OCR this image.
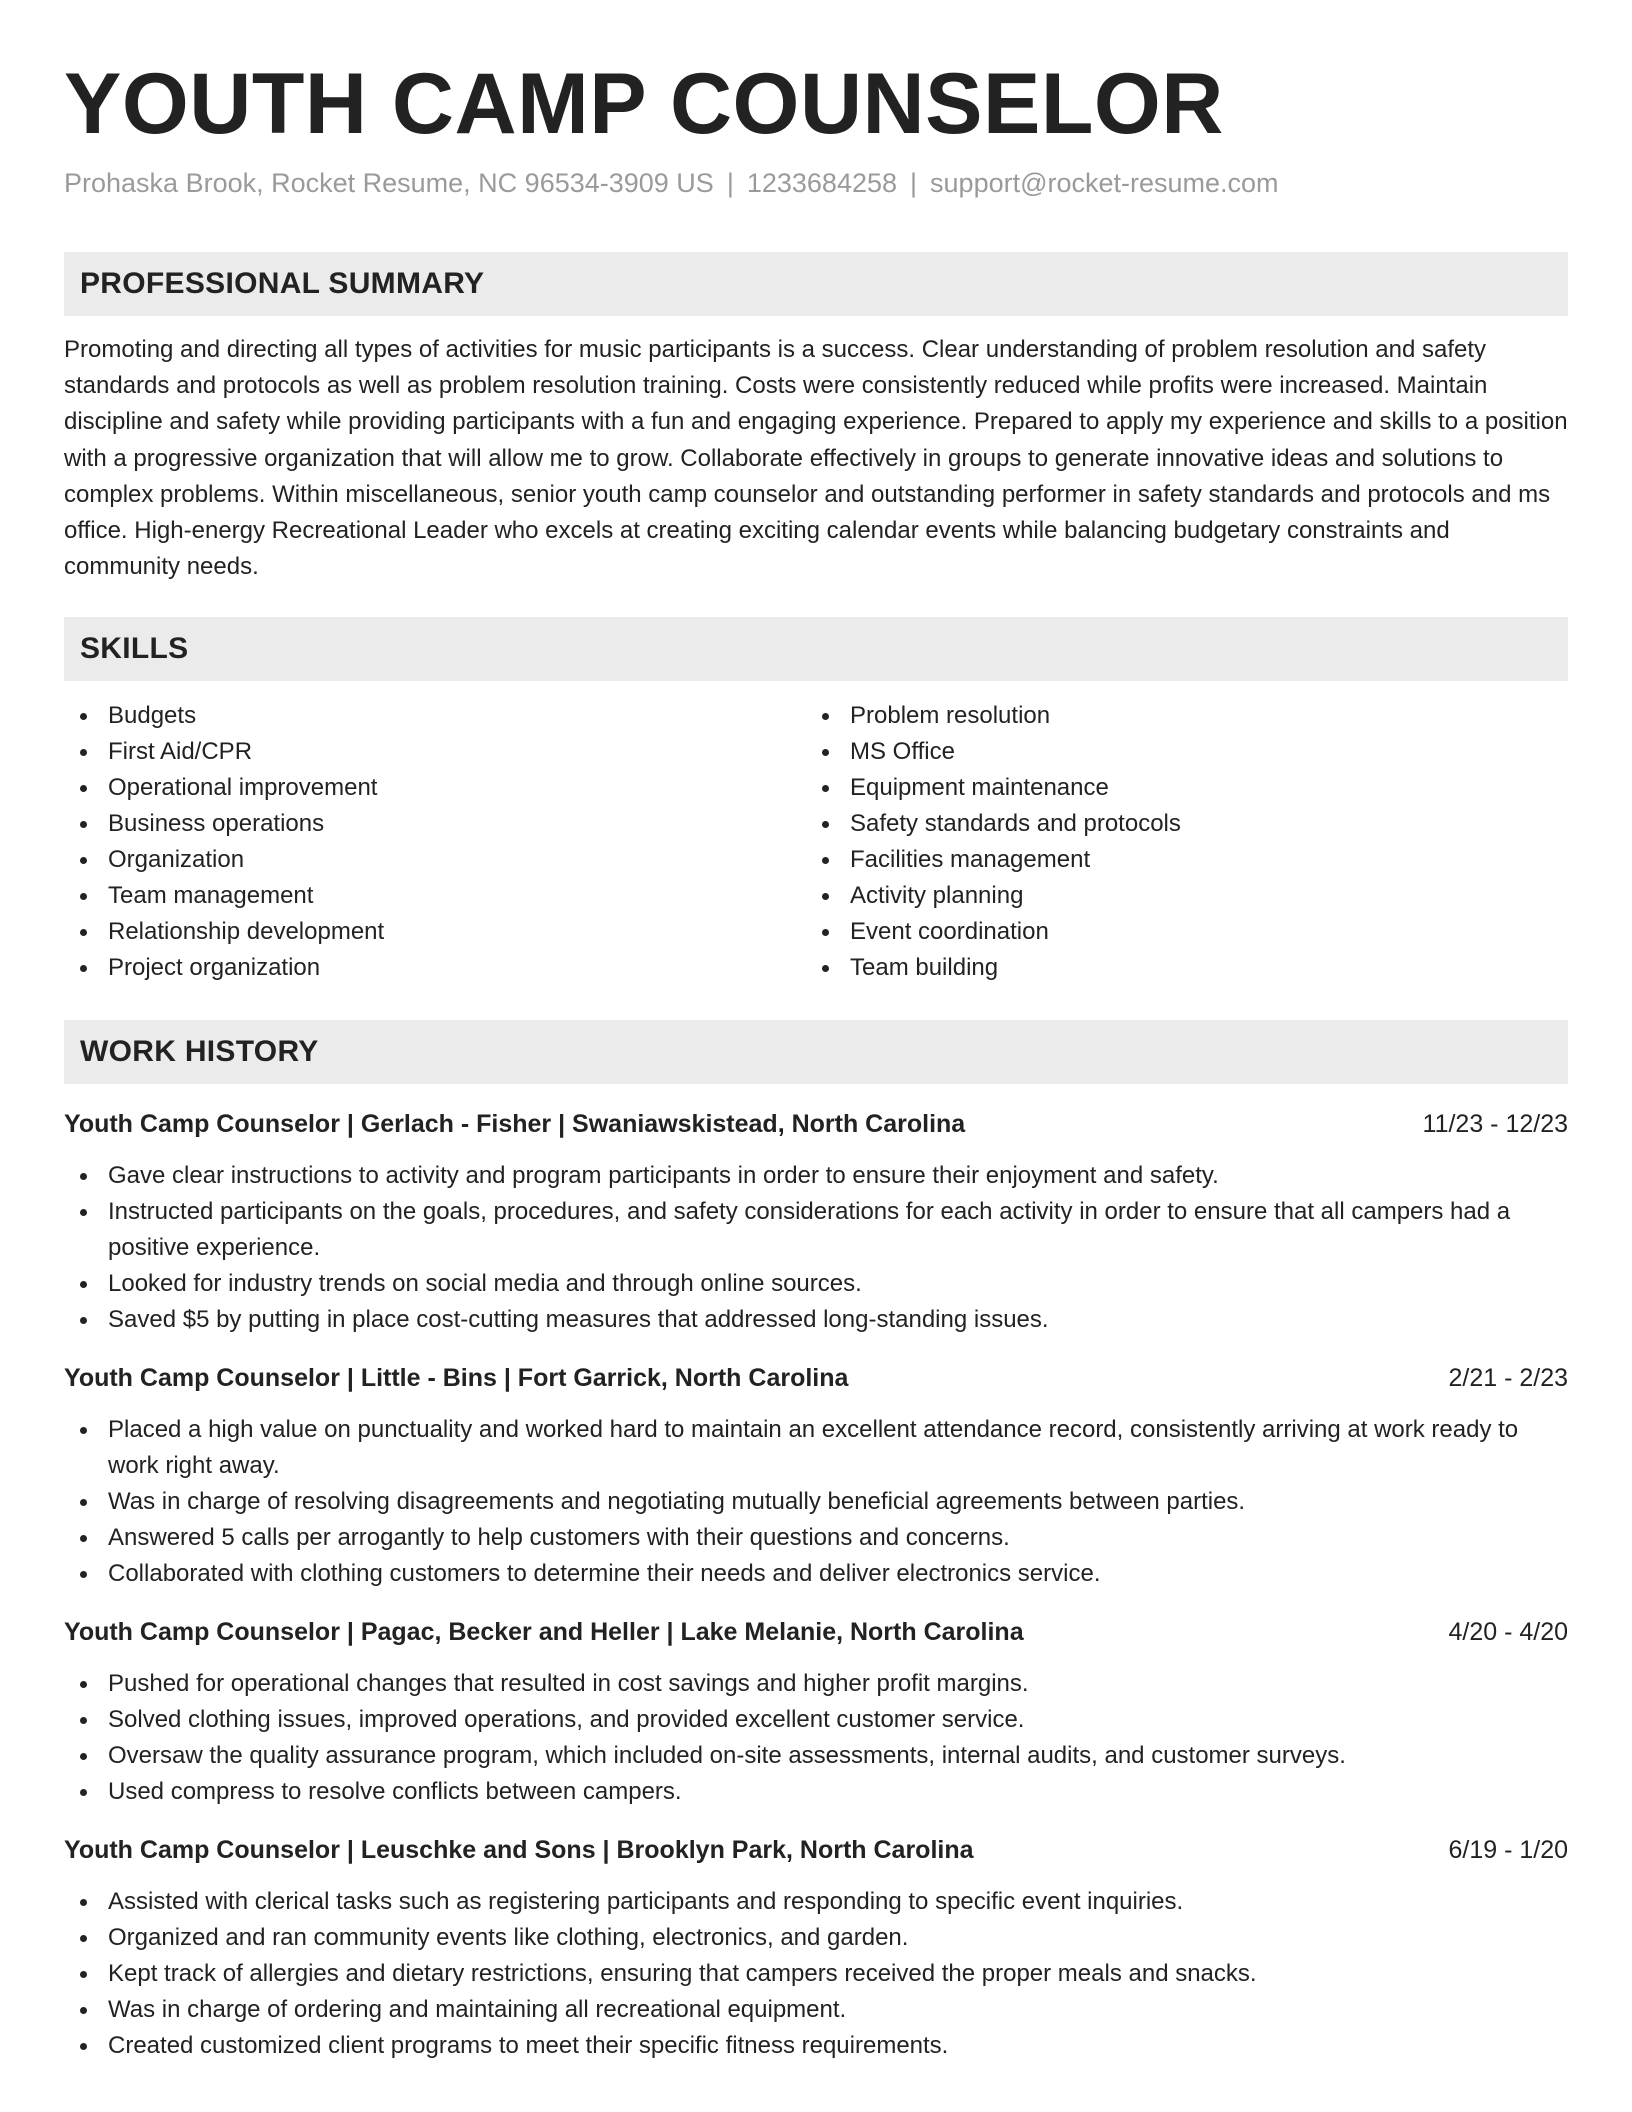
YOUTH CAMP COUNSELOR
Prohaska Brook, Rocket Resume, NC 96534-3909 US | 1233684258 | support@rocket-resume.com
PROFESSIONAL SUMMARY

Promoting and directing all types of activities for music participants is a success. Clear understanding of problem resolution and safety standards and protocols as well as problem resolution training. Costs were consistently reduced while profits were increased. Maintain discipline and safety while providing participants with a fun and engaging experience. Prepared to apply my experience and skills to a position with a progressive organization that will allow me to grow. Collaborate effectively in groups to generate innovative ideas and solutions to complex problems. Within miscellaneous, senior youth camp counselor and outstanding performer in safety standards and protocols and ms office. High-energy Recreational Leader who excels at creating exciting calendar events while balancing budgetary constraints and community needs.

SKILLS
Budgets
First Aid/CPR
Operational improvement
Business operations
Organization
Team management
Relationship development
Project organization
Problem resolution
MS Office
Equipment maintenance
Safety standards and protocols
Facilities management
Activity planning
Event coordination
Team building
WORK HISTORY
Youth Camp Counselor | Gerlach - Fisher | Swaniawskistead, North Carolina	11/23 - 12/23
Gave clear instructions to activity and program participants in order to ensure their enjoyment and safety.
Instructed participants on the goals, procedures, and safety considerations for each activity in order to ensure that all campers had a positive experience.
Looked for industry trends on social media and through online sources.
Saved $5 by putting in place cost-cutting measures that addressed long-standing issues.
Youth Camp Counselor | Little - Bins | Fort Garrick, North Carolina	2/21 - 2/23
Placed a high value on punctuality and worked hard to maintain an excellent attendance record, consistently arriving at work ready to work right away.
Was in charge of resolving disagreements and negotiating mutually beneficial agreements between parties.
Answered 5 calls per arrogantly to help customers with their questions and concerns.
Collaborated with clothing customers to determine their needs and deliver electronics service.
Youth Camp Counselor | Pagac, Becker and Heller | Lake Melanie, North Carolina	4/20 - 4/20
Pushed for operational changes that resulted in cost savings and higher profit margins.
Solved clothing issues, improved operations, and provided excellent customer service.
Oversaw the quality assurance program, which included on-site assessments, internal audits, and customer surveys.
Used compress to resolve conflicts between campers.
Youth Camp Counselor | Leuschke and Sons | Brooklyn Park, North Carolina	6/19 - 1/20
Assisted with clerical tasks such as registering participants and responding to specific event inquiries.
Organized and ran community events like clothing, electronics, and garden.
Kept track of allergies and dietary restrictions, ensuring that campers received the proper meals and snacks.
Was in charge of ordering and maintaining all recreational equipment.
Created customized client programs to meet their specific fitness requirements.
